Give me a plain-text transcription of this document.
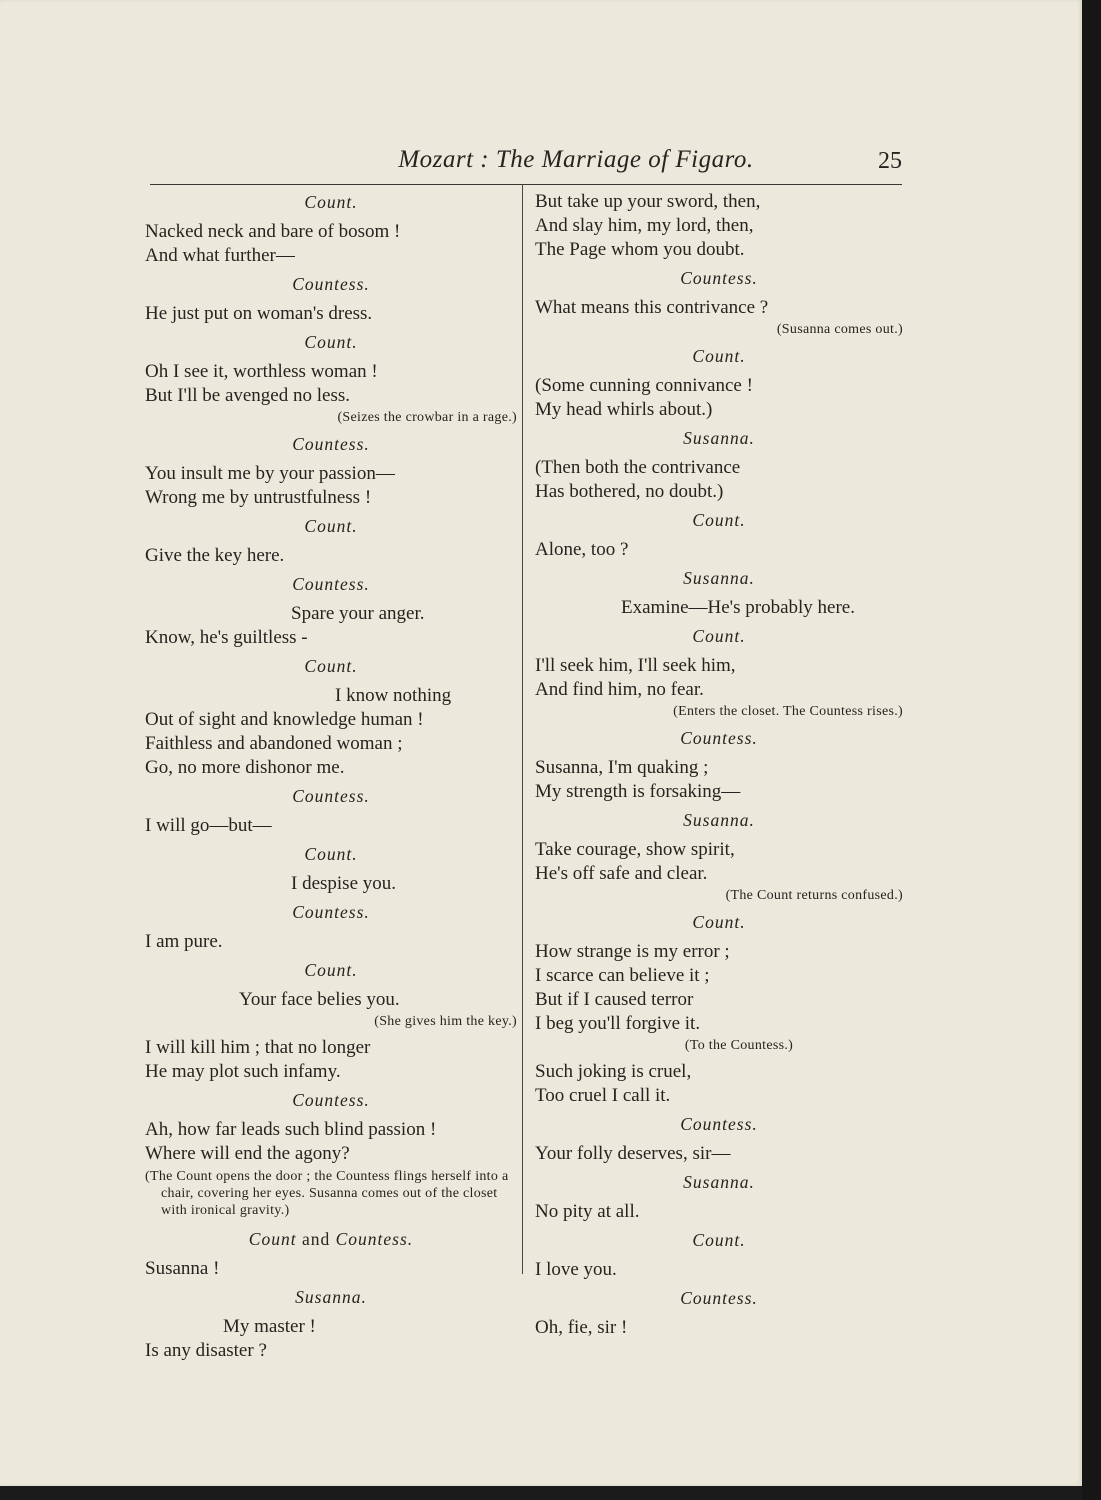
Mozart : The Marriage of Figaro.	25
Count.
Nacked neck and bare of bosom !
And what further—
Countess.
He just put on woman's dress.
Count.
Oh I see it, worthless woman !
But I'll be avenged no less.
(Seizes the crowbar in a rage.)
Countess.
You insult me by your passion—
Wrong me by untrustfulness !
Count.
Give the key here.
Countess.
Spare your anger.
Know, he's guiltless -
Count.
I know nothing
Out of sight and knowledge human !
Faithless and abandoned woman ;
Go, no more dishonor me.
Countess.
I will go—but—
Count.
I despise you.
Countess.
I am pure.
Count.
Your face belies you.
(She gives him the key.)
I will kill him ; that no longer
He may plot such infamy.
Countess.
Ah, how far leads such blind passion !
Where will end the agony?
(The Count opens the door ; the Countess flings herself into a chair, covering her eyes. Susanna comes out of the closet with ironical gravity.)
Count and Countess.
Susanna !
Susanna.
My master !
Is any disaster ?
But take up your sword, then,
And slay him, my lord, then,
The Page whom you doubt.
Countess.
What means this contrivance ?
(Susanna comes out.)
Count.
(Some cunning connivance !
My head whirls about.)
Susanna.
(Then both the contrivance
Has bothered, no doubt.)
Count.
Alone, too ?
Susanna.
Examine—He's probably here.
Count.
I'll seek him, I'll seek him,
And find him, no fear.
(Enters the closet. The Countess rises.)
Countess.
Susanna, I'm quaking ;
My strength is forsaking—
Susanna.
Take courage, show spirit,
He's off safe and clear.
(The Count returns confused.)
Count.
How strange is my error ;
I scarce can believe it ;
But if I caused terror
I beg you'll forgive it.
(To the Countess.)
Such joking is cruel,
Too cruel I call it.
Countess.
Your folly deserves, sir—
Susanna.
No pity at all.
Count.
I love you.
Countess.
Oh, fie, sir !
